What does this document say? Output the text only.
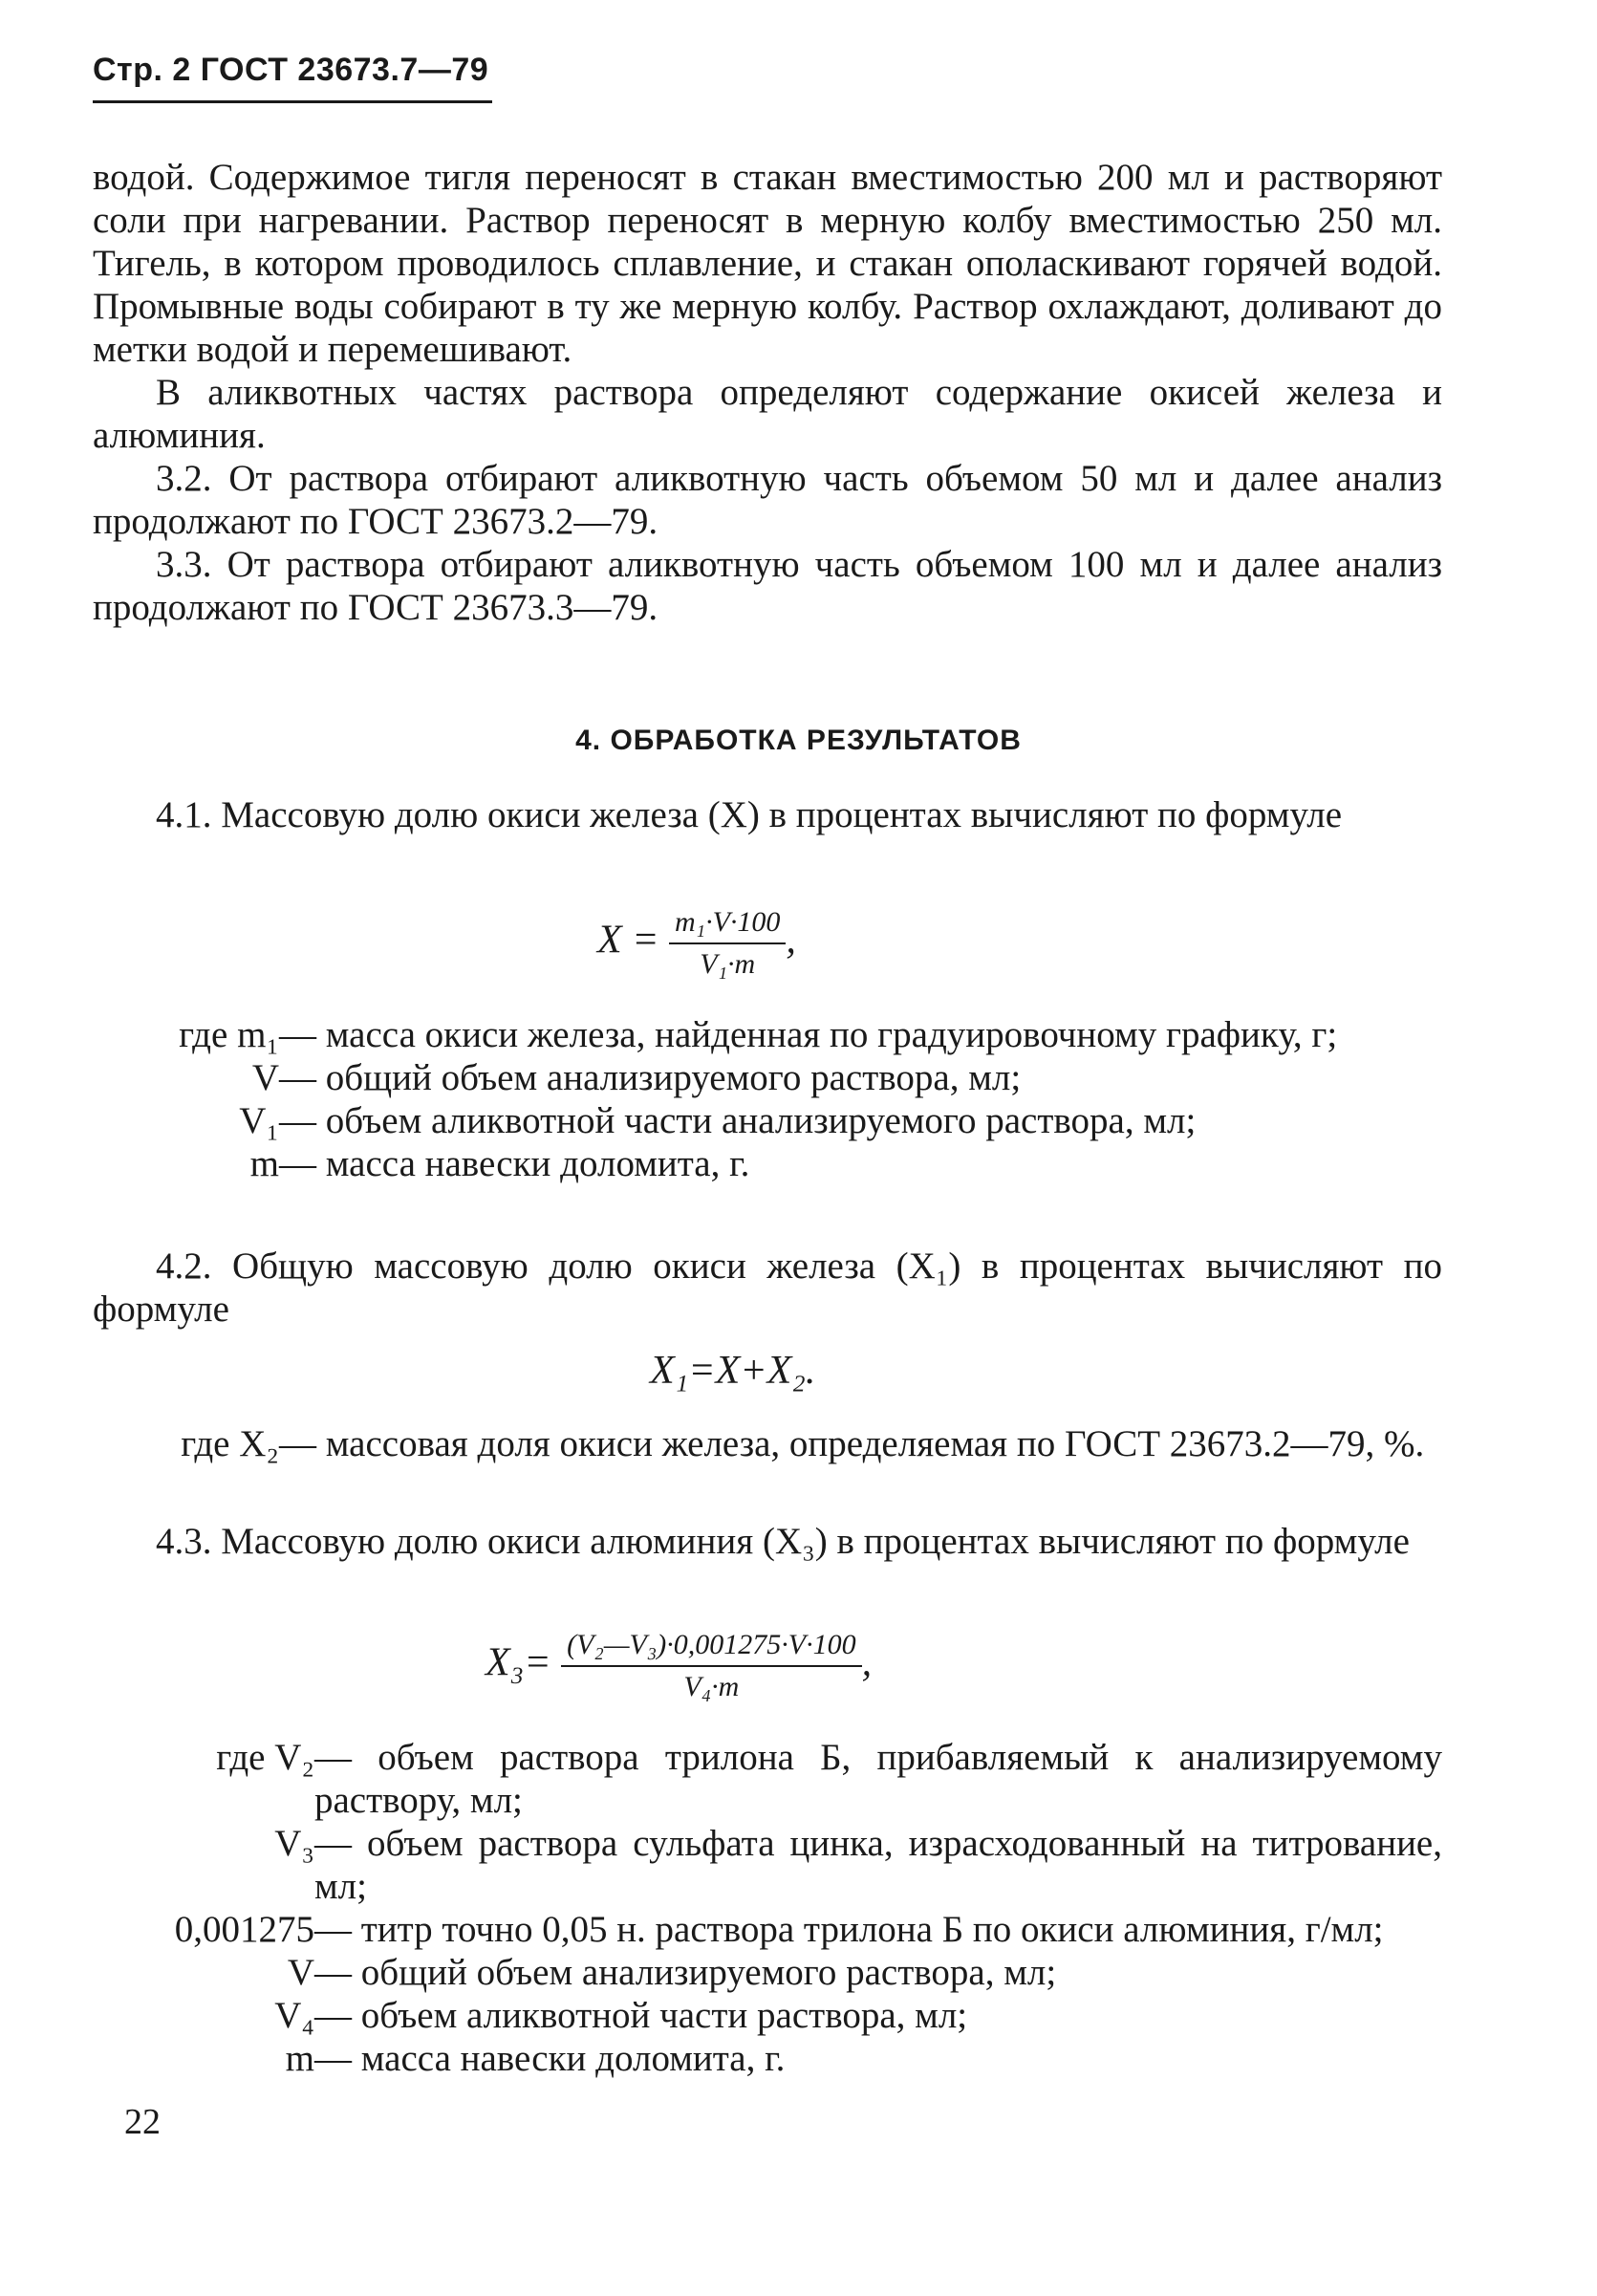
Стр. 2 ГОСТ 23673.7—79

водой. Содержимое тигля переносят в стакан вместимостью 200 мл и растворяют соли при нагревании. Раствор переносят в мерную колбу вместимостью 250 мл. Тигель, в котором проводилось сплавление, и стакан ополаскивают горячей водой. Промывные воды собирают в ту же мерную колбу. Раствор охлаждают, доливают до метки водой и перемешивают.

В аликвотных частях раствора определяют содержание окисей железа и алюминия.

3.2. От раствора отбирают аликвотную часть объемом 50 мл и далее анализ продолжают по ГОСТ 23673.2—79.

3.3. От раствора отбирают аликвотную часть объемом 100 мл и далее анализ продолжают по ГОСТ 23673.3—79.

4. ОБРАБОТКА РЕЗУЛЬТАТОВ

4.1. Массовую долю окиси железа (X) в процентах вычисляют по формуле

$X = \frac{\text{m₁·V·100}}{\text{V₁·m}}$ ,
где m₁ — масса окиси железа, найденная по градуировочному графику, г;
V — общий объем анализируемого раствора, мл;
V₁ — объем аликвотной части анализируемого раствора, мл;
m — масса навески доломита, г.

4.2. Общую массовую долю окиси железа (X₁) в процентах вычисляют по формуле

X₁=X+X₂.
где X₂ — массовая доля окиси железа, определяемая по ГОСТ 23673.2—79, %.

4.3. Массовую долю окиси алюминия (X₃) в процентах вычисляют по формуле

$X_3= \frac{\text{(V₂—V₃)·0,001275·V·100}}{\text{V₄·m}}$ ,
где V₂ — объем раствора трилона Б, прибавляемый к анализируемому раствору, мл;
V₃ — объем раствора сульфата цинка, израсходованный на титрование, мл;
0,001275 — титр точно 0,05 н. раствора трилона Б по окиси алюминия, г/мл;
V — общий объем анализируемого раствора, мл;
V₄ — объем аликвотной части раствора, мл;
m — масса навески доломита, г.
22
